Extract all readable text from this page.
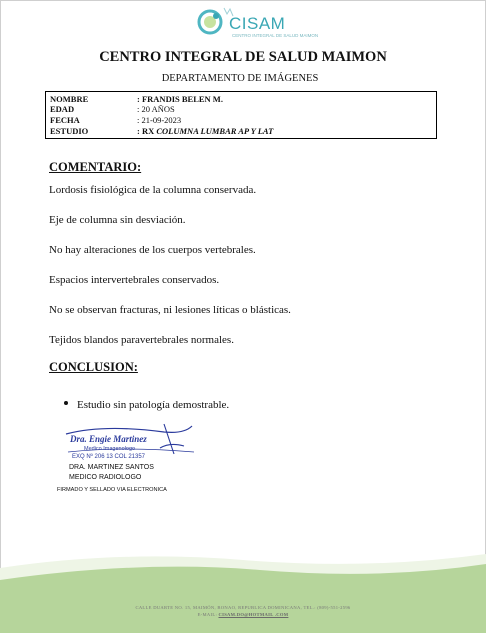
CISAM
CENTRO INTEGRAL DE SALUD MAIMON
CENTRO INTEGRAL DE SALUD MAIMON
DEPARTAMENTO DE IMÁGENES
NOMBRE	: FRANDIS BELEN M.
EDAD	: 20 AÑOS
FECHA	: 21-09-2023
ESTUDIO	: RX COLUMNA LUMBAR AP Y LAT
COMENTARIO:
Lordosis fisiológica de la columna conservada.
Eje de columna sin desviación.
No hay alteraciones de los cuerpos vertebrales.
Espacios intervertebrales conservados.
No se observan fracturas, ni lesiones líticas o blásticas.
Tejidos blandos paravertebrales normales.
CONCLUSION:
Estudio sin patología demostrable.
Dra. Engie Martinez
Medico Imagenologo
EXQ Nº 206 13 COL 21357
DRA. MARTINEZ SANTOS
MEDICO RADIOLOGO
FIRMADO Y SELLADO VIA ELECTRONICA
CALLE DUARTE NO. 15, MAIMÓN, BONAO, REPUBLICA DOMINICANA, TEL.: (809)-551-2596
E-MAIL: CISAM.DO@HOTMAIL .COM
